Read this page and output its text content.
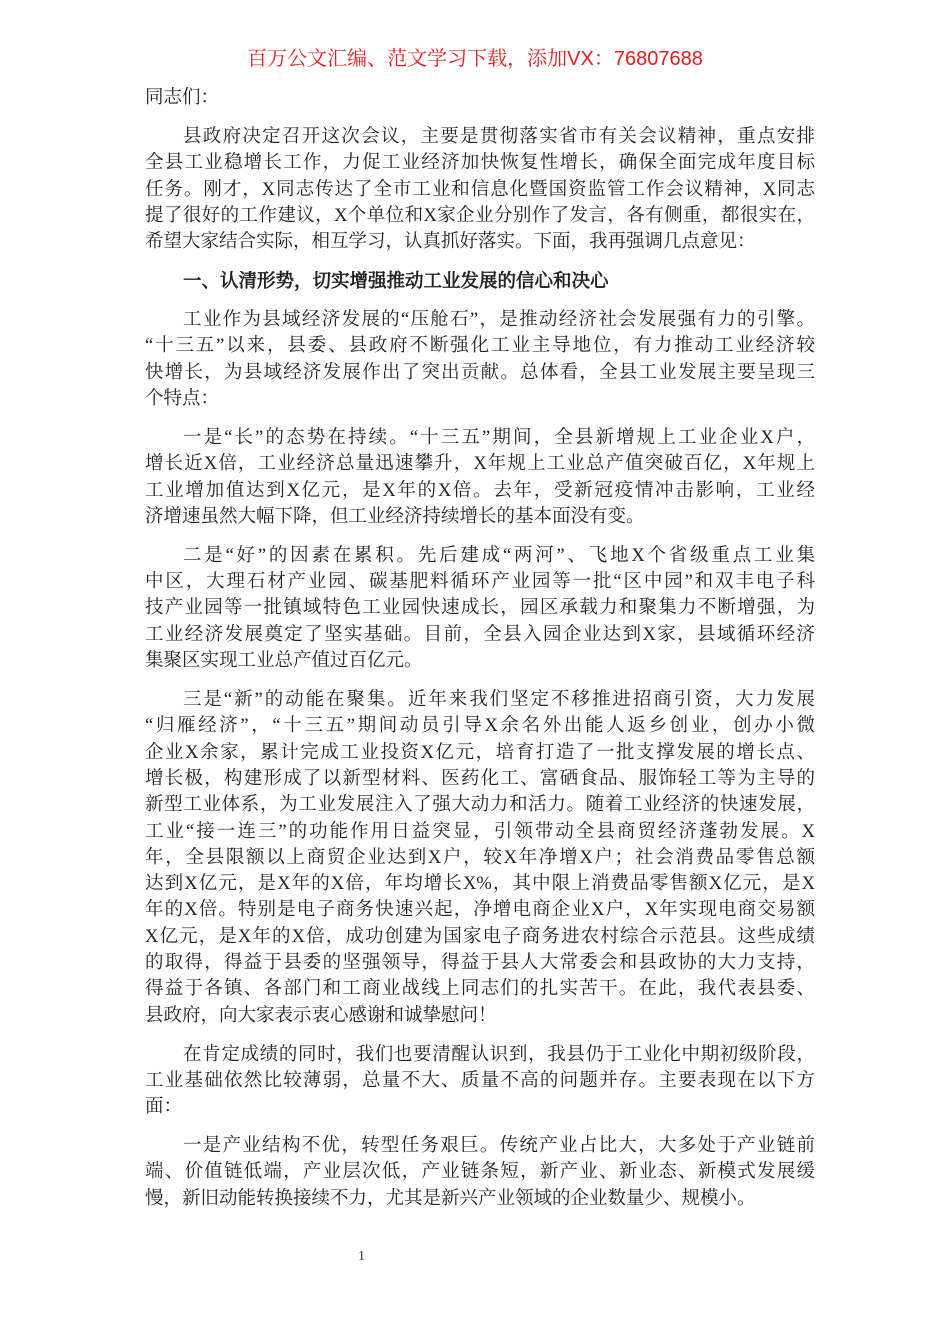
百万公文汇编、范文学习下载，添加VX：76807688
同志们：
县政府决定召开这次会议，主要是贯彻落实省市有关会议精神，重点安排
全县工业稳增长工作，力促工业经济加快恢复性增长，确保全面完成年度目标
任务。刚才，X同志传达了全市工业和信息化暨国资监管工作会议精神，X同志
提了很好的工作建议，X个单位和X家企业分别作了发言，各有侧重，都很实在，
希望大家结合实际，相互学习，认真抓好落实。下面，我再强调几点意见：
一、认清形势，切实增强推动工业发展的信心和决心
工业作为县域经济发展的“压舱石”，是推动经济社会发展强有力的引擎。
“十三五”以来，县委、县政府不断强化工业主导地位，有力推动工业经济较
快增长，为县域经济发展作出了突出贡献。总体看，全县工业发展主要呈现三
个特点：
一是“长”的态势在持续。“十三五”期间，全县新增规上工业企业X户，
增长近X倍，工业经济总量迅速攀升，X年规上工业总产值突破百亿，X年规上
工业增加值达到X亿元，是X年的X倍。去年，受新冠疫情冲击影响，工业经
济增速虽然大幅下降，但工业经济持续增长的基本面没有变。
二是“好”的因素在累积。先后建成“两河”、飞地X个省级重点工业集
中区，大理石材产业园、碳基肥料循环产业园等一批“区中园”和双丰电子科
技产业园等一批镇域特色工业园快速成长，园区承载力和聚集力不断增强，为
工业经济发展奠定了坚实基础。目前，全县入园企业达到X家，县域循环经济
集聚区实现工业总产值过百亿元。
三是“新”的动能在聚集。近年来我们坚定不移推进招商引资，大力发展
“归雁经济”，“十三五”期间动员引导X余名外出能人返乡创业，创办小微
企业X余家，累计完成工业投资X亿元，培育打造了一批支撑发展的增长点、
增长极，构建形成了以新型材料、医药化工、富硒食品、服饰轻工等为主导的
新型工业体系，为工业发展注入了强大动力和活力。随着工业经济的快速发展，
工业“接一连三”的功能作用日益突显，引领带动全县商贸经济蓬勃发展。X
年，全县限额以上商贸企业达到X户，较X年净增X户；社会消费品零售总额
达到X亿元，是X年的X倍，年均增长X%，其中限上消费品零售额X亿元，是X
年的X倍。特别是电子商务快速兴起，净增电商企业X户，X年实现电商交易额
X亿元，是X年的X倍，成功创建为国家电子商务进农村综合示范县。这些成绩
的取得，得益于县委的坚强领导，得益于县人大常委会和县政协的大力支持，
得益于各镇、各部门和工商业战线上同志们的扎实苦干。在此，我代表县委、
县政府，向大家表示衷心感谢和诚挚慰问！
在肯定成绩的同时，我们也要清醒认识到，我县仍于工业化中期初级阶段，
工业基础依然比较薄弱，总量不大、质量不高的问题并存。主要表现在以下方
面：
一是产业结构不优，转型任务艰巨。传统产业占比大，大多处于产业链前
端、价值链低端，产业层次低，产业链条短，新产业、新业态、新模式发展缓
慢，新旧动能转换接续不力，尤其是新兴产业领域的企业数量少、规模小。
1
